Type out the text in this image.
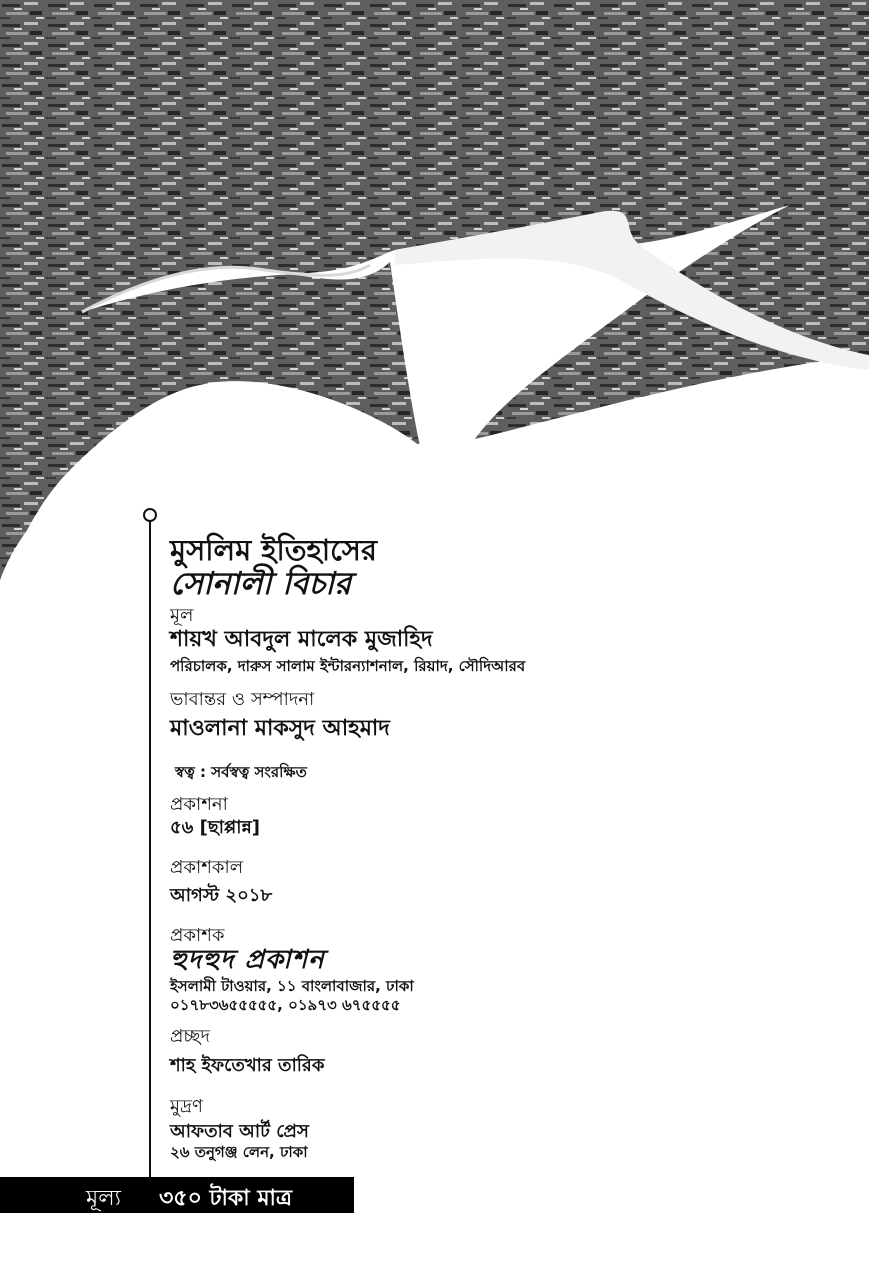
মুসলিম ইতিহাসের
সোনালী বিচার
মূল
শায়খ আবদুল মালেক মুজাহিদ
পরিচালক, দারুস সালাম ইন্টারন্যাশনাল, রিয়াদ, সৌদিআরব
ভাবান্তর ও সম্পাদনা
মাওলানা মাকসুদ আহমাদ
স্বত্ব : সর্বস্বত্ব সংরক্ষিত
প্রকাশনা
৫৬ [ছাপ্পান্ন]
প্রকাশকাল
আগস্ট ২০১৮
প্রকাশক
হুদহুদ প্রকাশন
ইসলামী টাওয়ার, ১১ বাংলাবাজার, ঢাকা
০১৭৮৩৬৫৫৫৫৫, ০১৯৭৩ ৬৭৫৫৫৫
প্রচ্ছদ
শাহ ইফতেখার তারিক
মুদ্রণ
আফতাব আর্ট প্রেস
২৬ তনুগঞ্জ লেন, ঢাকা
মূল্য ৩৫০ টাকা মাত্র
